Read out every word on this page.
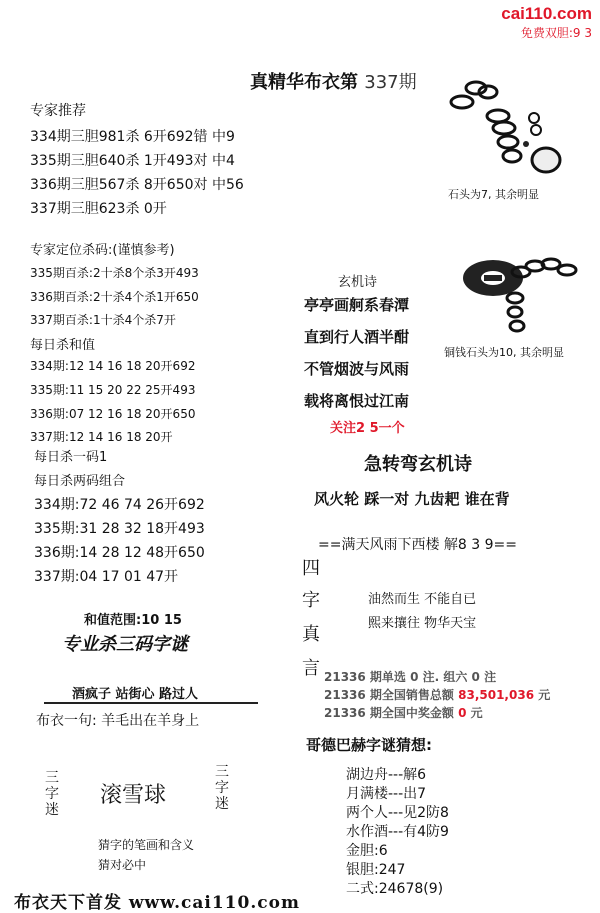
cai110.com
免费双胆:9 3
真精华布衣第 337期
专家推荐
334期三胆981杀 6开692错 中9
335期三胆640杀 1开493对 中4
336期三胆567杀 8开650对 中56
337期三胆623杀 0开
专家定位杀码:(谨慎参考)
335期百杀:2十杀8个杀3开493
336期百杀:2十杀4个杀1开650
337期百杀:1十杀4个杀7开
每日杀和值
334期:12 14 16 18 20开692
335期:11 15 20 22 25开493
336期:07 12 16 18 20开650
337期:12 14 16 18 20开
每日杀一码1
每日杀两码组合
334期:72 46 74 26开692
335期:31 28 32 18开493
336期:14 28 12 48开650
337期:04 17 01 47开
和值范围:10 15
专业杀三码字谜
酒疯子 站街心 路过人
布衣一句: 羊毛出在羊身上
三字迷
滚雪球
三字迷
猜字的笔画和含义
猜对必中
布衣天下首发 www.cai110.com
石头为7, 其余明显
铜钱石头为10, 其余明显
玄机诗
亭亭画舸系春潭
直到行人酒半酣
不管烟波与风雨
载将离恨过江南
关注2 5一个
急转弯玄机诗
风火轮 踩一对 九齿耙 谁在背
==满天风雨下西楼 解8 3 9==
四
字
真
言
油然而生 不能自已
熙来攘往 物华天宝
21336 期单选 0 注. 组六 0 注
21336 期全国销售总额 83,501,036 元
21336 期全国中奖金额 0 元
哥德巴赫字谜猜想:
湖边舟---解6
月满楼---出7
两个人---见2防8
水作酒---有4防9
金胆:6
银胆:247
二式:24678(9)
